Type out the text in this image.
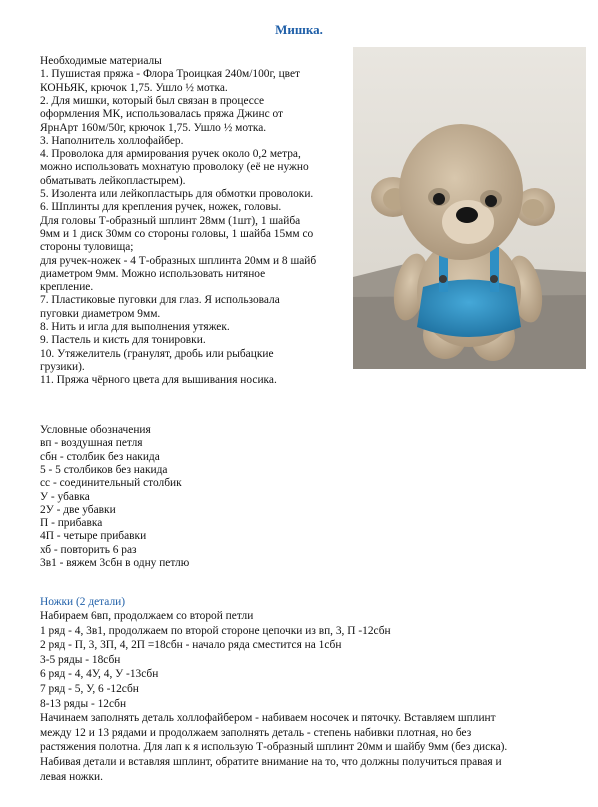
Мишка.

Необходимые материалы

1. Пушистая пряжа - Флора Троицкая 240м/100г, цвет

КОНЬЯК, крючок 1,75. Ушло ½ мотка.

2. Для мишки, который был связан в процессе

оформления МК, использовалась пряжа Джинс от

ЯрнАрт 160м/50г, крючок 1,75. Ушло ½ мотка.

3. Наполнитель холлофайбер.

4. Проволока для армирования ручек около 0,2 метра,

можно использовать мохнатую проволоку (её не нужно

обматывать лейкопластырем).

5. Изолента или лейкопластырь для обмотки проволоки.

6. Шплинты для крепления ручек, ножек, головы.

Для головы Т-образный шплинт 28мм (1шт), 1 шайба

9мм и 1 диск 30мм со стороны головы, 1 шайба 15мм со

стороны туловища;

для ручек-ножек - 4 Т-образных шплинта 20мм и 8 шайб

диаметром 9мм. Можно использовать нитяное

крепление.

7. Пластиковые пуговки для глаз. Я использовала

пуговки диаметром 9мм.

8. Нить и игла для выполнения утяжек.

9. Пастель и кисть для тонировки.

10. Утяжелитель (гранулят, дробь или рыбацкие

грузики).

11. Пряжа чёрного цвета для вышивания носика.

Условные обозначения

вп - воздушная петля

сбн - столбик без накида

5 - 5 столбиков без накида

сс - соединительный столбик

У - убавка

2У - две убавки

П - прибавка

4П - четыре прибавки

хб - повторить 6 раз

3в1 - вяжем 3сбн в одну петлю

Ножки (2 детали)

Набираем 6вп, продолжаем со второй петли

1 ряд - 4, 3в1, продолжаем по второй стороне цепочки из вп, 3, П -12сбн

2 ряд - П, 3, 3П, 4, 2П =18сбн - начало ряда сместится на 1сбн

3-5 ряды - 18сбн

6 ряд - 4, 4У, 4, У -13сбн

7 ряд - 5, У, 6 -12сбн

8-13 ряды - 12сбн

Начинаем заполнять деталь холлофайбером - набиваем носочек и пяточку. Вставляем шплинт

между 12 и 13 рядами и продолжаем заполнять деталь - степень набивки плотная, но без

растяжения полотна. Для лап к я использую Т-образный шплинт 20мм и шайбу 9мм (без диска).

Набивая детали и вставляя шплинт, обратите внимание на то, что должны получиться правая и

левая ножки.
